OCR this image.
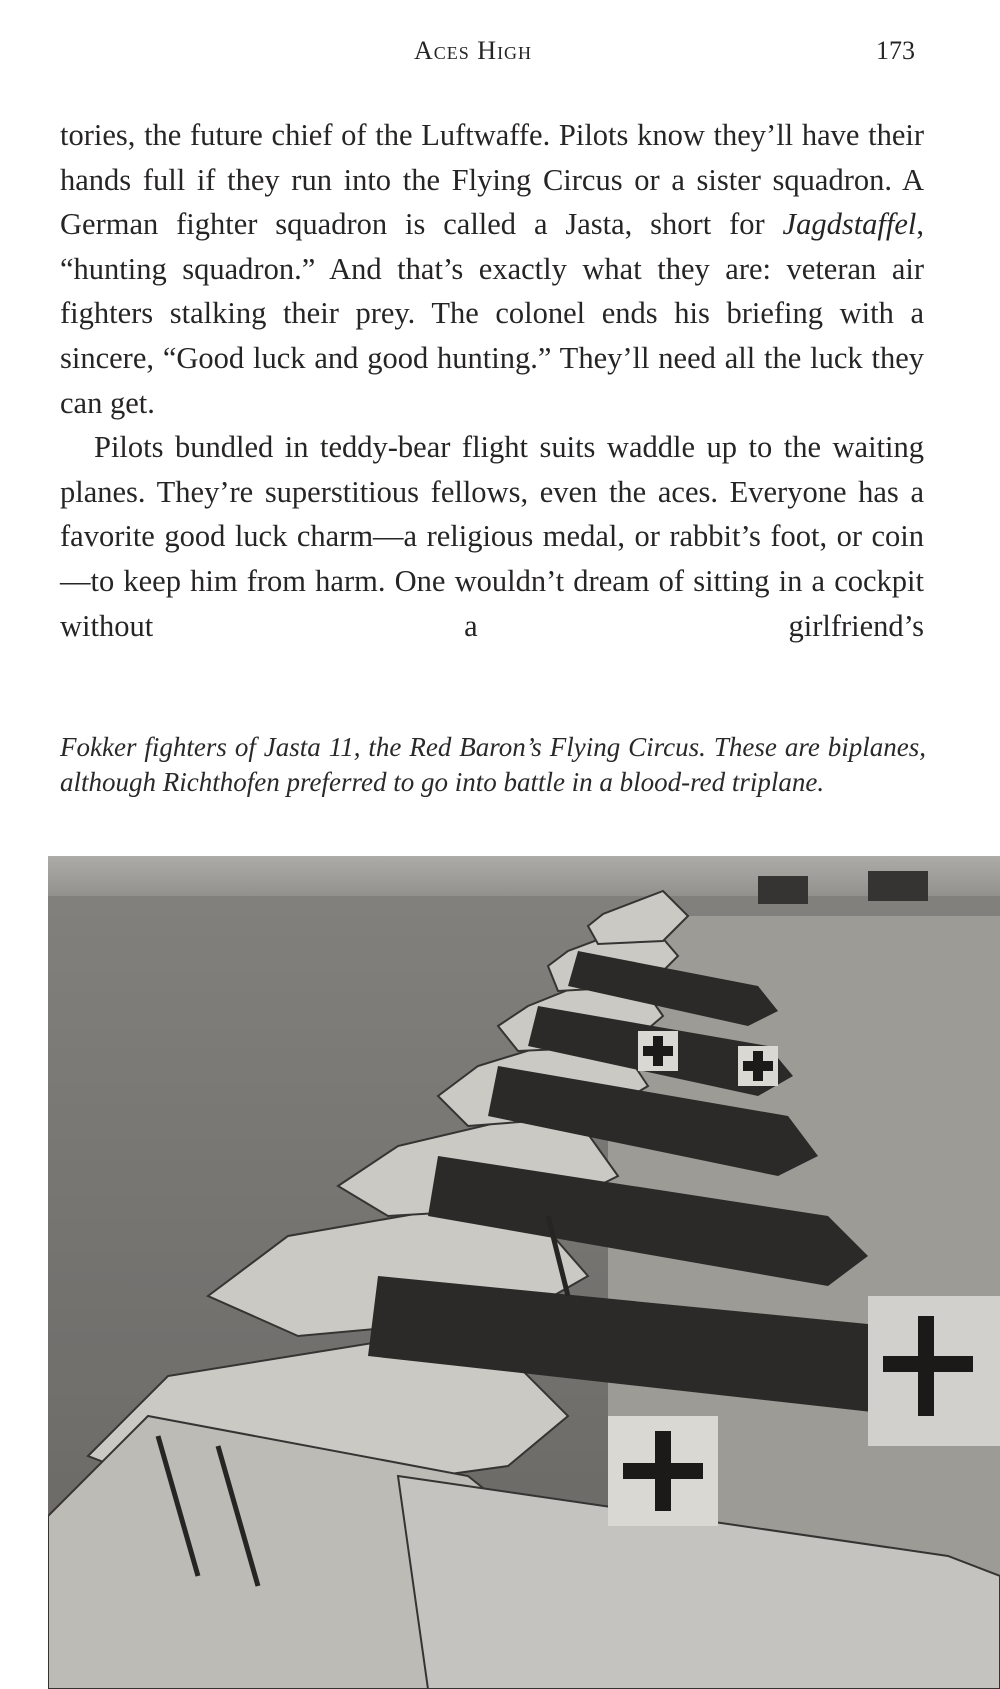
Aces High	173

tories, the future chief of the Luftwaffe. Pilots know they’ll have their hands full if they run into the Flying Circus or a sister squadron. A German fighter squadron is called a Jasta, short for Jagdstaffel, “hunting squadron.” And that’s exactly what they are: veteran air fighters stalking their prey. The colonel ends his briefing with a sincere, “Good luck and good hunting.” They’ll need all the luck they can get.

Pilots bundled in teddy-bear flight suits waddle up to the waiting planes. They’re superstitious fellows, even the aces. Everyone has a favorite good luck charm—a religious medal, or rabbit’s foot, or coin—to keep him from harm. One wouldn’t dream of sitting in a cockpit without a girlfriend’s

Fokker fighters of Jasta 11, the Red Baron’s Flying Circus. These are biplanes, although Richthofen preferred to go into battle in a blood-red triplane.
